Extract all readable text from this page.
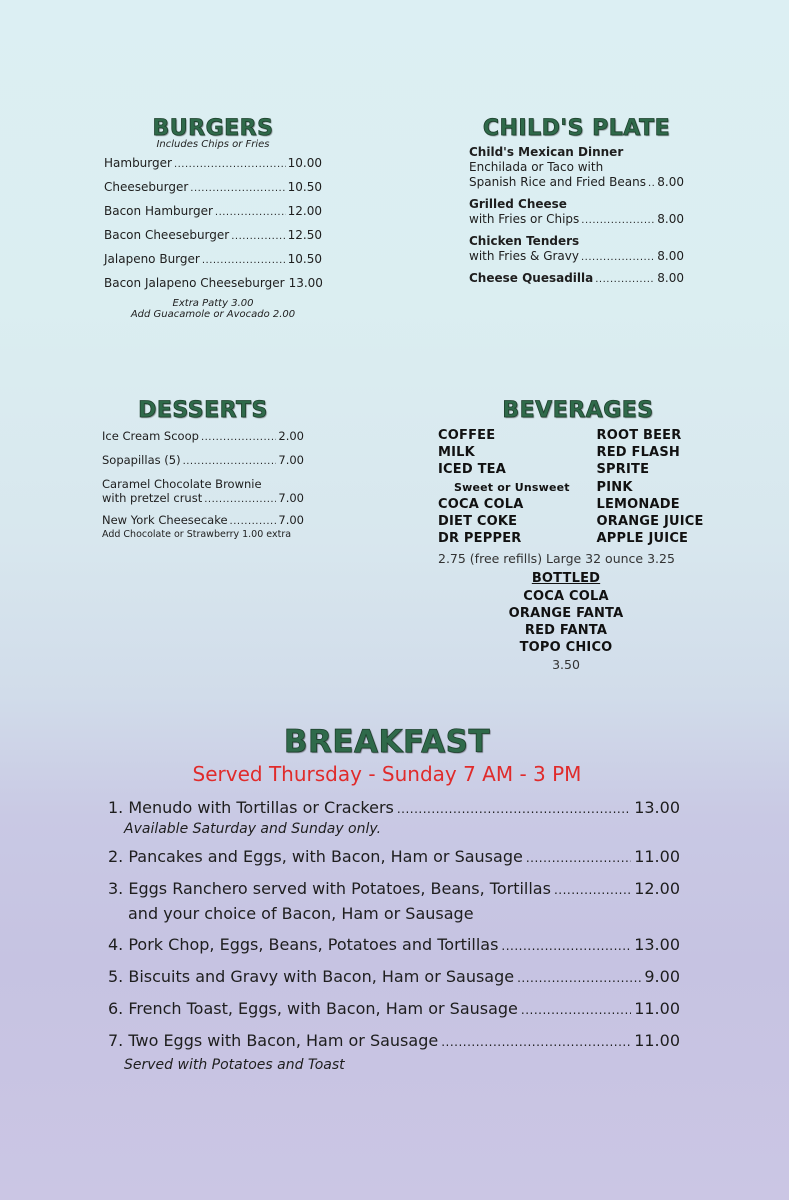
BURGERS
Includes Chips or Fries
Hamburger .....	10.00
Cheeseburger .....	10.50
Bacon Hamburger .....	12.00
Bacon Cheeseburger .....	12.50
Jalapeno Burger .....	10.50
Bacon Jalapeno Cheeseburger 13.00
Extra Patty 3.00
Add Guacamole or Avocado 2.00
CHILD'S PLATE
Child's Mexican Dinner
Enchilada or Taco with
Spanish Rice and Fried Beans ..... 8.00
Grilled Cheese
with Fries or Chips .....	8.00
Chicken Tenders
with Fries & Gravy .....	8.00
Cheese Quesadilla .....	8.00
DESSERTS
Ice Cream Scoop .....	2.00
Sopapillas (5) .....	7.00
Caramel Chocolate Brownie
with pretzel crust .....	7.00
New York Cheesecake .....	7.00
Add Chocolate or Strawberry 1.00 extra
BEVERAGES
COFFEE
MILK
ICED TEA
Sweet or Unsweet
COCA COLA
DIET COKE
DR PEPPER
ROOT BEER
RED FLASH
SPRITE
PINK LEMONADE
ORANGE JUICE
APPLE JUICE
2.75 (free refills) Large 32 ounce 3.25
BOTTLED
COCA COLA
ORANGE FANTA
RED FANTA
TOPO CHICO
3.50
BREAKFAST
Served Thursday - Sunday 7 AM - 3 PM
1. Menudo with Tortillas or Crackers .....	13.00
Available Saturday and Sunday only.
2. Pancakes and Eggs, with Bacon, Ham or Sausage .....	11.00
3. Eggs Ranchero served with Potatoes, Beans, Tortillas .....	12.00
and your choice of Bacon, Ham or Sausage
4. Pork Chop, Eggs, Beans, Potatoes and Tortillas .....	13.00
5. Biscuits and Gravy with Bacon, Ham or Sausage .....	9.00
6. French Toast, Eggs, with Bacon, Ham or Sausage .....	11.00
7. Two Eggs with Bacon, Ham or Sausage .....	11.00
Served with Potatoes and Toast
